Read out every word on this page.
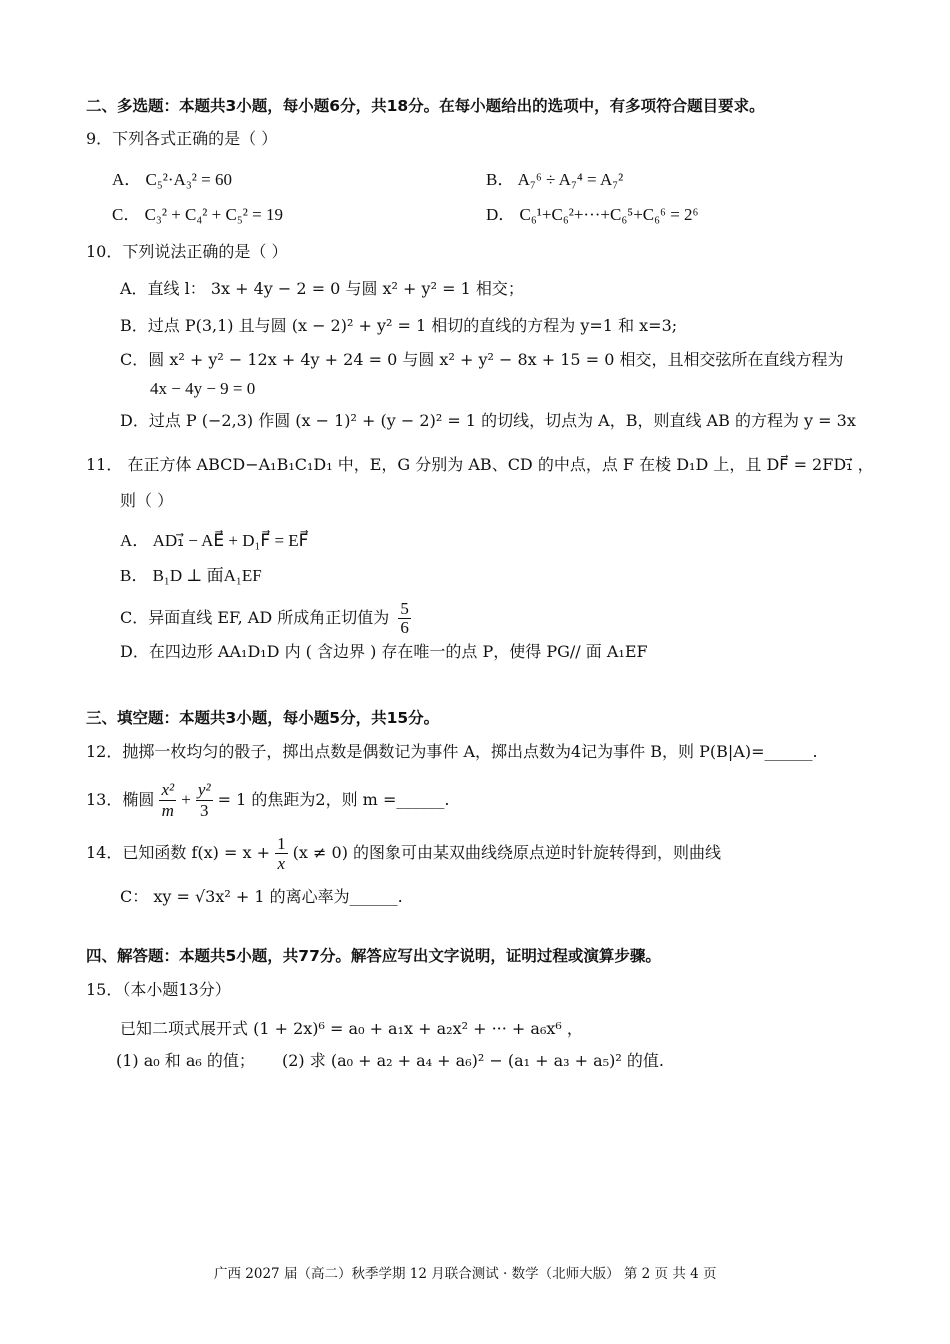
二、多选题：本题共3小题，每小题6分，共18分。在每小题给出的选项中，有多项符合题目要求。
9．下列各式正确的是（ ）
A． C₅²·A₃² = 60	B． A₇⁶ ÷ A₇⁴ = A₇²
C． C₃² + C₄² + C₅² = 19	D． C₆¹+C₆²+···+C₆⁵+C₆⁶ = 2⁶
10．下列说法正确的是（ ）
A．直线 l： 3x + 4y − 2 = 0 与圆 x² + y² = 1 相交；
B．过点 P(3,1) 且与圆 (x − 2)² + y² = 1 相切的直线的方程为 y=1 和 x=3;
C．圆 x² + y² − 12x + 4y + 24 = 0 与圆 x² + y² − 8x + 15 = 0 相交，且相交弦所在直线方程为
4x − 4y − 9 = 0
D．过点 P (−2,3) 作圆 (x − 1)² + (y − 2)² = 1 的切线，切点为 A，B，则直线 AB 的方程为 y = 3x
11． 在正方体 ABCD−A₁B₁C₁D₁ 中，E，G 分别为 AB、CD 的中点，点 F 在棱 D₁D 上，且 DF⃗ = 2FD₁⃗ ，
则（ ）
A． AD₁⃗ − AE⃗ + D₁F⃗ = EF⃗
B． B₁D ⊥ 面A₁EF
C．异面直线 EF, AD 所成角正切值为 $\frac{5}{6}$
D．在四边形 AA₁D₁D 内 ( 含边界 ) 存在唯一的点 P，使得 PG// 面 A₁EF
三、填空题：本题共3小题，每小题5分，共15分。
12．抛掷一枚均匀的骰子，掷出点数是偶数记为事件 A，掷出点数为4记为事件 B，则 P(B|A)=______.
13．椭圆 $\frac{\text{x²}}{m} + \frac{\text{y²}}{3} = 1$ 的焦距为2，则 m =______.
14．已知函数 $f(x) = x + \frac{1}{x} (x \ne 0)$ 的图象可由某双曲线绕原点逆时针旋转得到，则曲线
C： xy = √3x² + 1 的离心率为______.
四、解答题：本题共5小题，共77分。解答应写出文字说明，证明过程或演算步骤。
15．（本小题13分）
已知二项式展开式 (1 + 2x)⁶ = a₀ + a₁x + a₂x² + ··· + a₆x⁶ ，
(1) a₀ 和 a₆ 的值； (2) 求 (a₀ + a₂ + a₄ + a₆)² − (a₁ + a₃ + a₅)² 的值.
广西 2027 届（高二）秋季学期 12 月联合测试 · 数学（北师大版） 第 2 页 共 4 页
